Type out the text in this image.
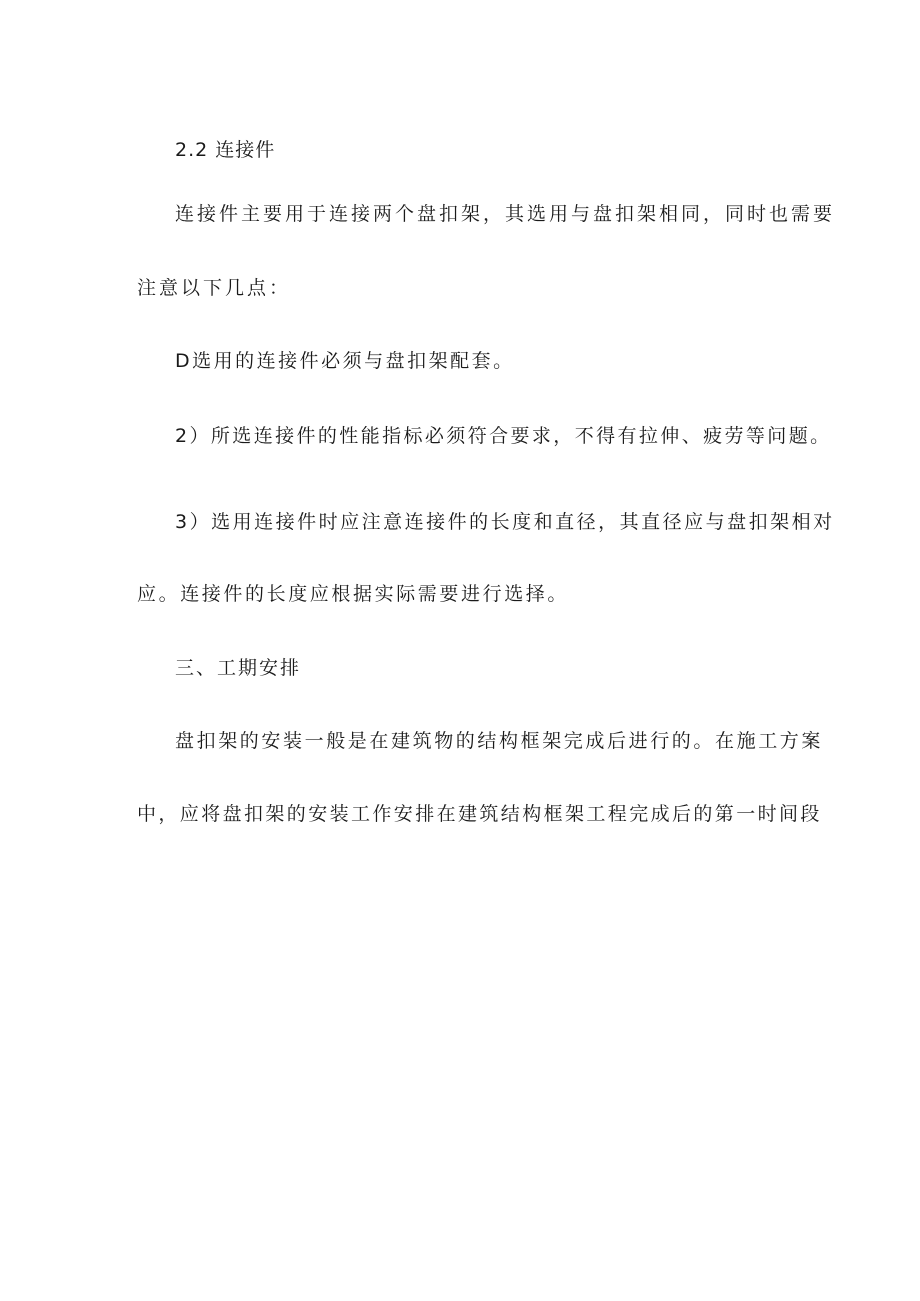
2.2 连接件
连接件主要用于连接两个盘扣架，其选用与盘扣架相同，同时也需要
注意以下几点：
D选用的连接件必须与盘扣架配套。
2）所选连接件的性能指标必须符合要求，不得有拉伸、疲劳等问题。
3）选用连接件时应注意连接件的长度和直径，其直径应与盘扣架相对
应。连接件的长度应根据实际需要进行选择。
三、工期安排
盘扣架的安装一般是在建筑物的结构框架完成后进行的。在施工方案
中，应将盘扣架的安装工作安排在建筑结构框架工程完成后的第一时间段
